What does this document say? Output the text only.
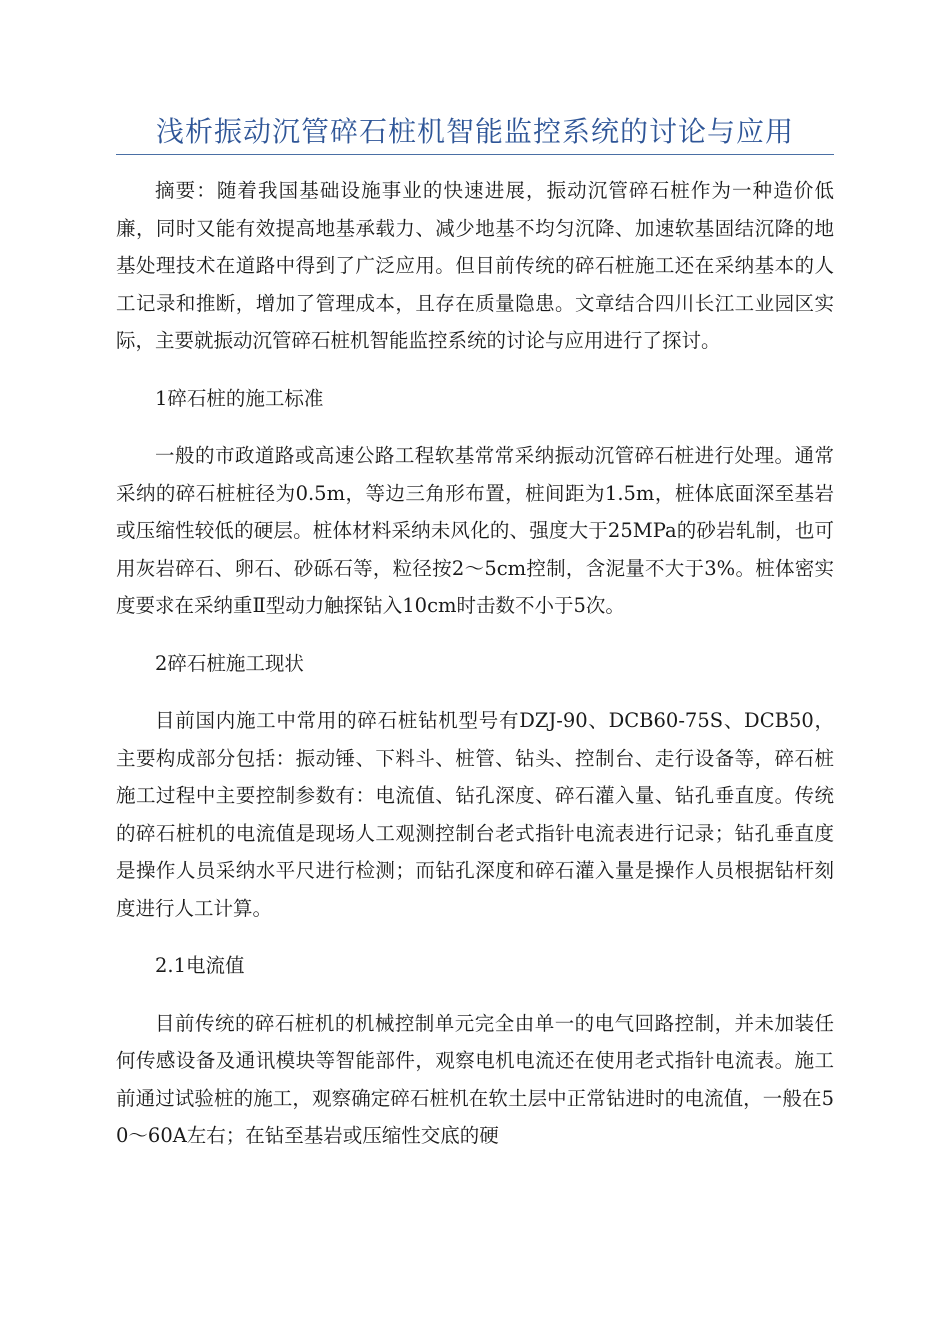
浅析振动沉管碎石桩机智能监控系统的讨论与应用

摘要：随着我国基础设施事业的快速进展，振动沉管碎石桩作为一种造价低廉，同时又能有效提高地基承载力、减少地基不均匀沉降、加速软基固结沉降的地基处理技术在道路中得到了广泛应用。但目前传统的碎石桩施工还在采纳基本的人工记录和推断，增加了管理成本，且存在质量隐患。文章结合四川长江工业园区实际，主要就振动沉管碎石桩机智能监控系统的讨论与应用进行了探讨。

1碎石桩的施工标准

一般的市政道路或高速公路工程软基常常采纳振动沉管碎石桩进行处理。通常采纳的碎石桩桩径为0.5m，等边三角形布置，桩间距为1.5m，桩体底面深至基岩或压缩性较低的硬层。桩体材料采纳未风化的、强度大于25MPa的砂岩轧制，也可用灰岩碎石、卵石、砂砾石等，粒径按2～5cm控制，含泥量不大于3%。桩体密实度要求在采纳重Ⅱ型动力触探钻入10cm时击数不小于5次。

2碎石桩施工现状

目前国内施工中常用的碎石桩钻机型号有DZJ-90、DCB60-75S、DCB50，主要构成部分包括：振动锤、下料斗、桩管、钻头、控制台、走行设备等，碎石桩施工过程中主要控制参数有：电流值、钻孔深度、碎石灌入量、钻孔垂直度。传统的碎石桩机的电流值是现场人工观测控制台老式指针电流表进行记录；钻孔垂直度是操作人员采纳水平尺进行检测；而钻孔深度和碎石灌入量是操作人员根据钻杆刻度进行人工计算。

2.1电流值

目前传统的碎石桩机的机械控制单元完全由单一的电气回路控制，并未加装任何传感设备及通讯模块等智能部件，观察电机电流还在使用老式指针电流表。施工前通过试验桩的施工，观察确定碎石桩机在软土层中正常钻进时的电流值，一般在50～60A左右；在钻至基岩或压缩性交底的硬
